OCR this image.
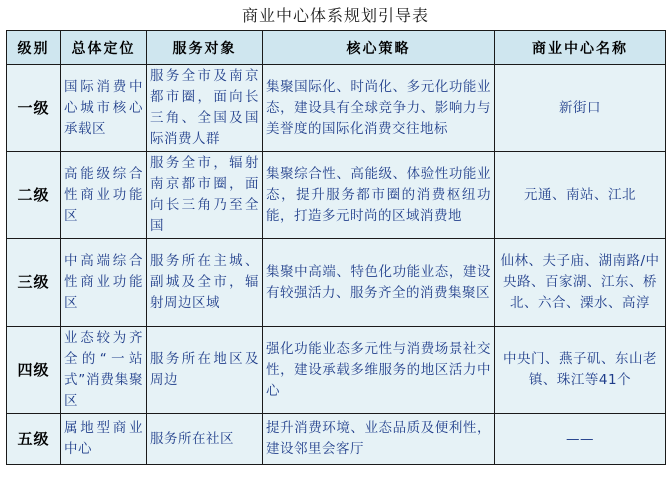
商业中心体系规划引导表
级别	总体定位	服务对象	核心策略	商业中心名称
一级	国际消费中心城市核心承载区	服务全市及南京都市圈，面向长三角、全国及国际消费人群	集聚国际化、时尚化、多元化功能业态，建设具有全球竞争力、影响力与美誉度的国际化消费交往地标	新街口
二级	高能级综合性商业功能区	服务全市，辐射南京都市圈，面向长三角乃至全国	集聚综合性、高能级、体验性功能业态，提升服务都市圈的消费枢纽功能，打造多元时尚的区域消费地	元通、南站、江北
三级	中高端综合性商业功能区	服务所在主城、副城及全市，辐射周边区域	集聚中高端、特色化功能业态，建设有较强活力、服务齐全的消费集聚区	仙林、夫子庙、湖南路/中央路、百家湖、江东、桥北、六合、溧水、高淳
四级	业态较为齐全的“一站式”消费集聚区	服务所在地区及周边	强化功能业态多元性与消费场景社交性，建设承载多维服务的地区活力中心	中央门、燕子矶、东山老镇、珠江等41个
五级	属地型商业中心	服务所在社区	提升消费环境、业态品质及便利性，建设邻里会客厅	——
